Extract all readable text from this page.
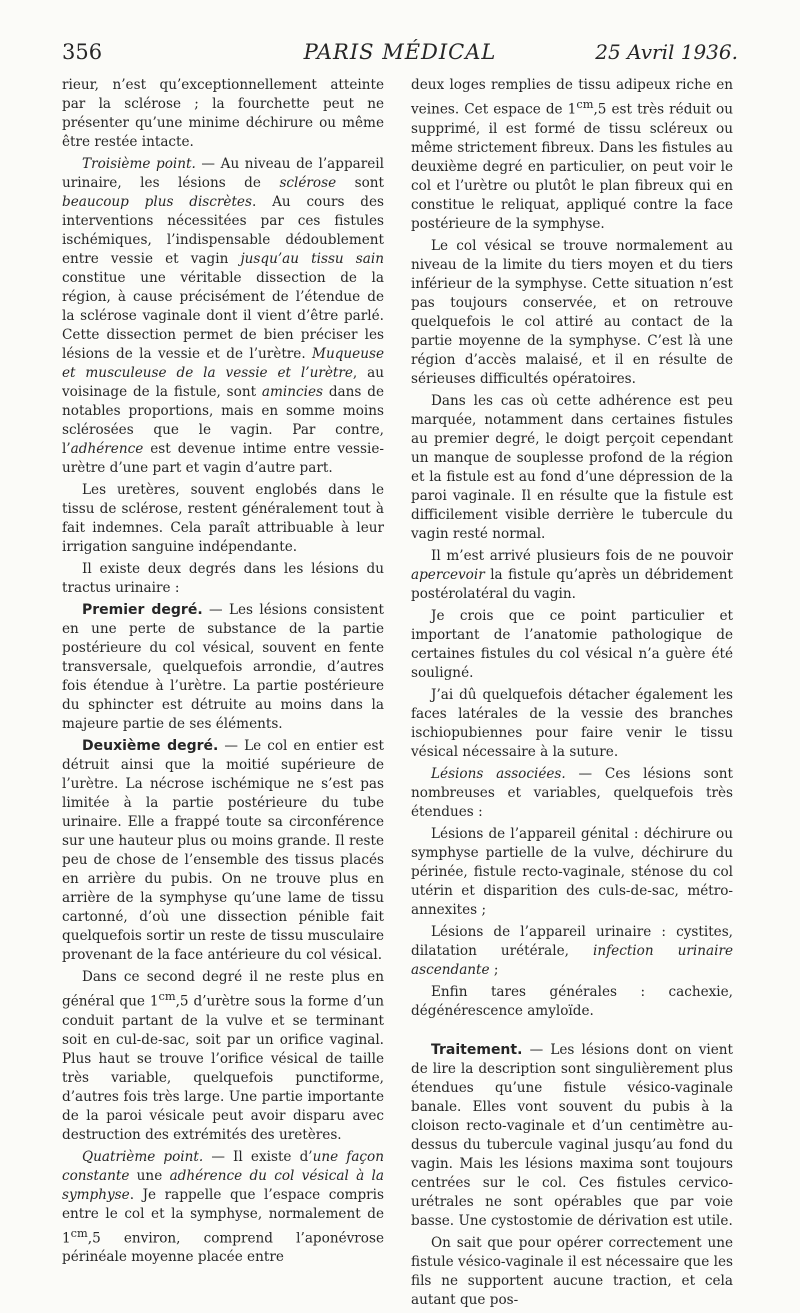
356	PARIS MÉDICAL	25 Avril 1936.

rieur, n’est qu’exceptionnellement atteinte par la sclérose ; la fourchette peut ne présenter qu’une minime déchirure ou même être restée intacte.

Troisième point. — Au niveau de l’appareil urinaire, les lésions de sclérose sont beaucoup plus discrètes. Au cours des interventions nécessitées par ces fistules ischémiques, l’indispensable dédoublement entre vessie et vagin jusqu’au tissu sain constitue une véritable dissection de la région, à cause précisément de l’étendue de la sclérose vaginale dont il vient d’être parlé. Cette dissection permet de bien préciser les lésions de la vessie et de l’urètre. Muqueuse et musculeuse de la vessie et l’urètre, au voisinage de la fistule, sont amincies dans de notables proportions, mais en somme moins sclérosées que le vagin. Par contre, l’adhérence est devenue intime entre vessie-urètre d’une part et vagin d’autre part.

Les uretères, souvent englobés dans le tissu de sclérose, restent généralement tout à fait indemnes. Cela paraît attribuable à leur irrigation sanguine indépendante.

Il existe deux degrés dans les lésions du tractus urinaire :

Premier degré. — Les lésions consistent en une perte de substance de la partie postérieure du col vésical, souvent en fente transversale, quelquefois arrondie, d’autres fois étendue à l’urètre. La partie postérieure du sphincter est détruite au moins dans la majeure partie de ses éléments.

Deuxième degré. — Le col en entier est détruit ainsi que la moitié supérieure de l’urètre. La nécrose ischémique ne s’est pas limitée à la partie postérieure du tube urinaire. Elle a frappé toute sa circonférence sur une hauteur plus ou moins grande. Il reste peu de chose de l’ensemble des tissus placés en arrière du pubis. On ne trouve plus en arrière de la symphyse qu’une lame de tissu cartonné, d’où une dissection pénible fait quelquefois sortir un reste de tissu musculaire provenant de la face antérieure du col vésical.

Dans ce second degré il ne reste plus en général que $1^{cm},5$ d’urètre sous la forme d’un conduit partant de la vulve et se terminant soit en cul-de-sac, soit par un orifice vaginal. Plus haut se trouve l’orifice vésical de taille très variable, quelquefois punctiforme, d’autres fois très large. Une partie importante de la paroi vésicale peut avoir disparu avec destruction des extrémités des uretères.

Quatrième point. — Il existe d’une façon constante une adhérence du col vésical à la symphyse. Je rappelle que l’espace compris entre le col et la symphyse, normalement de $1^{cm},5$ environ, comprend l’aponévrose périnéale moyenne placée entre

deux loges remplies de tissu adipeux riche en veines. Cet espace de $1^{cm},5$ est très réduit ou supprimé, il est formé de tissu scléreux ou même strictement fibreux. Dans les fistules au deuxième degré en particulier, on peut voir le col et l’urètre ou plutôt le plan fibreux qui en constitue le reliquat, appliqué contre la face postérieure de la symphyse.

Le col vésical se trouve normalement au niveau de la limite du tiers moyen et du tiers inférieur de la symphyse. Cette situation n’est pas toujours conservée, et on retrouve quelquefois le col attiré au contact de la partie moyenne de la symphyse. C’est là une région d’accès malaisé, et il en résulte de sérieuses difficultés opératoires.

Dans les cas où cette adhérence est peu marquée, notamment dans certaines fistules au premier degré, le doigt perçoit cependant un manque de souplesse profond de la région et la fistule est au fond d’une dépression de la paroi vaginale. Il en résulte que la fistule est difficilement visible derrière le tubercule du vagin resté normal.

Il m’est arrivé plusieurs fois de ne pouvoir apercevoir la fistule qu’après un débridement postérolatéral du vagin.

Je crois que ce point particulier et important de l’anatomie pathologique de certaines fistules du col vésical n’a guère été souligné.

J’ai dû quelquefois détacher également les faces latérales de la vessie des branches ischiopubiennes pour faire venir le tissu vésical nécessaire à la suture.

Lésions associées. — Ces lésions sont nombreuses et variables, quelquefois très étendues :

Lésions de l’appareil génital : déchirure ou symphyse partielle de la vulve, déchirure du périnée, fistule recto-vaginale, sténose du col utérin et disparition des culs-de-sac, métro-annexites ;

Lésions de l’appareil urinaire : cystites, dilatation urétérale, infection urinaire ascendante ;

Enfin tares générales : cachexie, dégénérescence amyloïde.

Traitement. — Les lésions dont on vient de lire la description sont singulièrement plus étendues qu’une fistule vésico-vaginale banale. Elles vont souvent du pubis à la cloison recto-vaginale et d’un centimètre au-dessus du tubercule vaginal jusqu’au fond du vagin. Mais les lésions maxima sont toujours centrées sur le col. Ces fistules cervico-urétrales ne sont opérables que par voie basse. Une cystostomie de dérivation est utile.

On sait que pour opérer correctement une fistule vésico-vaginale il est nécessaire que les fils ne supportent aucune traction, et cela autant que pos-
